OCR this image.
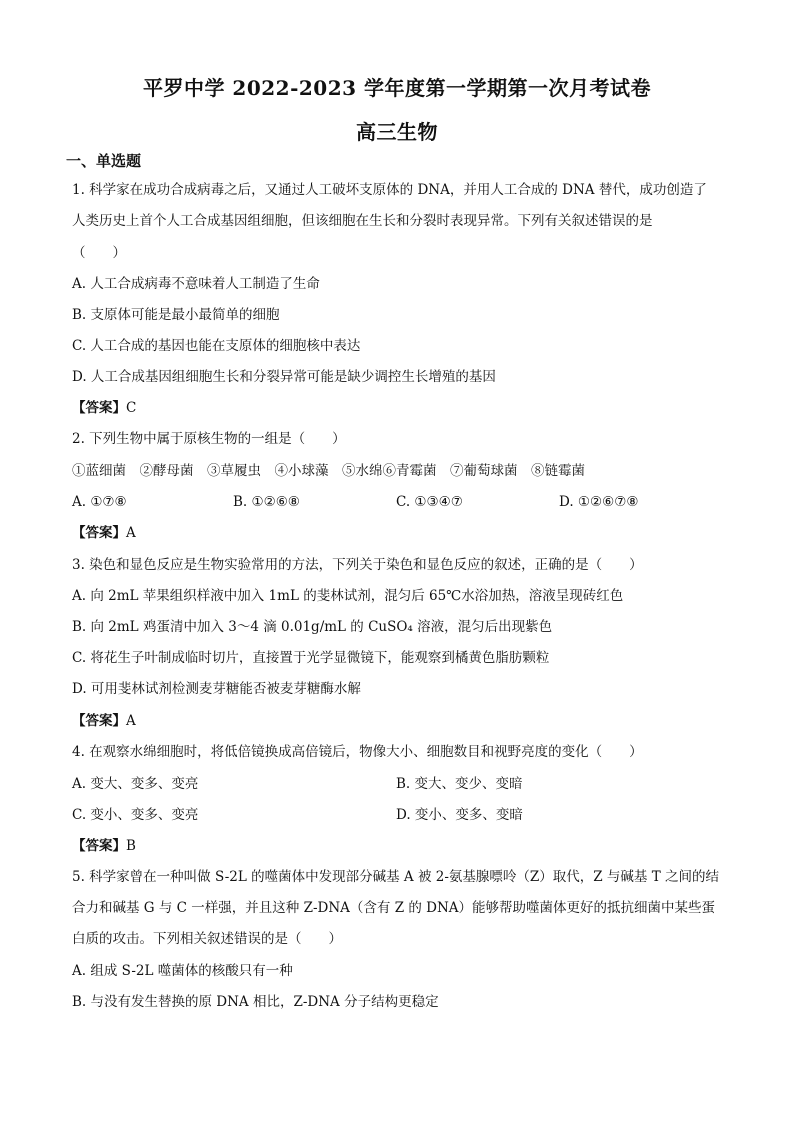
平罗中学 2022-2023 学年度第一学期第一次月考试卷
高三生物
一、单选题
1. 科学家在成功合成病毒之后，又通过人工破坏支原体的 DNA，并用人工合成的 DNA 替代，成功创造了
人类历史上首个人工合成基因组细胞，但该细胞在生长和分裂时表现异常。下列有关叙述错误的是
（　　）
A. 人工合成病毒不意味着人工制造了生命
B. 支原体可能是最小最简单的细胞
C. 人工合成的基因也能在支原体的细胞核中表达
D. 人工合成基因组细胞生长和分裂异常可能是缺少调控生长增殖的基因
【答案】C
2. 下列生物中属于原核生物的一组是（　　）
①蓝细菌　②酵母菌　③草履虫　④小球藻　⑤水绵⑥青霉菌　⑦葡萄球菌　⑧链霉菌
A. ①⑦⑧	B. ①②⑥⑧	C. ①③④⑦	D. ①②⑥⑦⑧
【答案】A
3. 染色和显色反应是生物实验常用的方法，下列关于染色和显色反应的叙述，正确的是（　　）
A. 向 2mL 苹果组织样液中加入 1mL 的斐林试剂，混匀后 65℃水浴加热，溶液呈现砖红色
B. 向 2mL 鸡蛋清中加入 3～4 滴 0.01g/mL 的 CuSO₄ 溶液，混匀后出现紫色
C. 将花生子叶制成临时切片，直接置于光学显微镜下，能观察到橘黄色脂肪颗粒
D. 可用斐林试剂检测麦芽糖能否被麦芽糖酶水解
【答案】A
4. 在观察水绵细胞时，将低倍镜换成高倍镜后，物像大小、细胞数目和视野亮度的变化（　　）
A. 变大、变多、变亮	B. 变大、变少、变暗
C. 变小、变多、变亮	D. 变小、变多、变暗
【答案】B
5. 科学家曾在一种叫做 S-2L 的噬菌体中发现部分碱基 A 被 2-氨基腺嘌呤（Z）取代，Z 与碱基 T 之间的结
合力和碱基 G 与 C 一样强，并且这种 Z-DNA（含有 Z 的 DNA）能够帮助噬菌体更好的抵抗细菌中某些蛋
白质的攻击。下列相关叙述错误的是（　　）
A. 组成 S-2L 噬菌体的核酸只有一种
B. 与没有发生替换的原 DNA 相比，Z-DNA 分子结构更稳定
